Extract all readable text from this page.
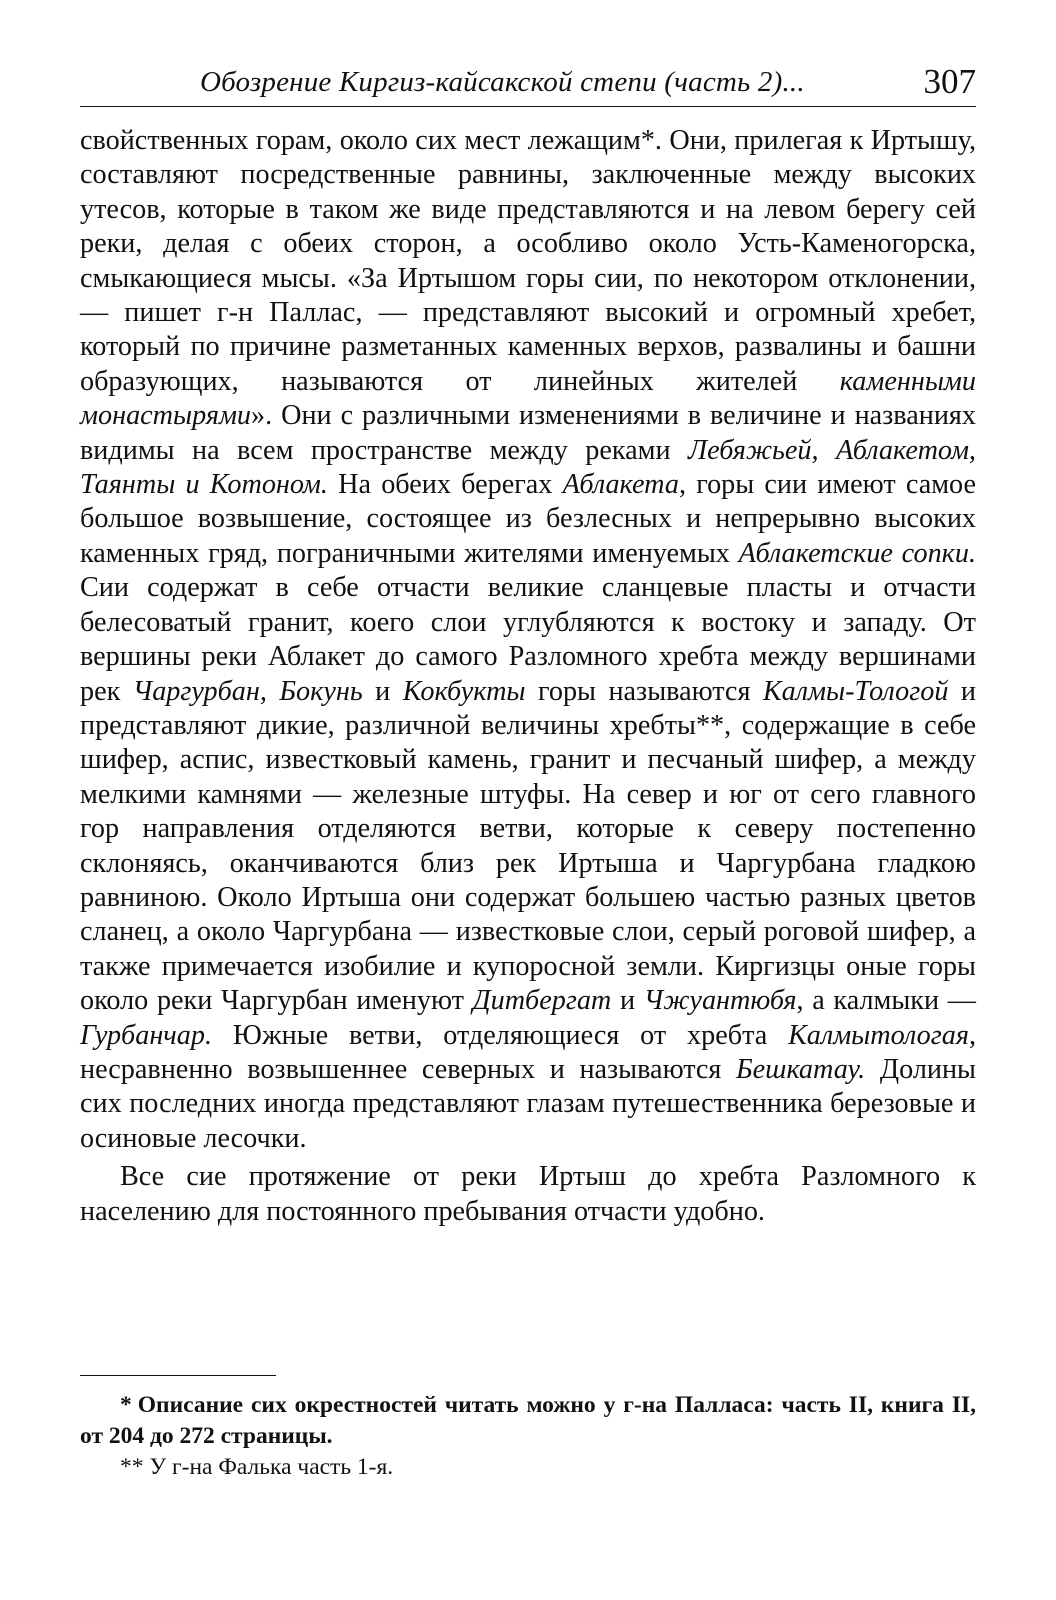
Обозрение Киргиз-кайсакской степи (часть 2)...	307

свойственных горам, около сих мест лежащим*. Они, прилегая к Иртышу, составляют посредственные равнины, заключенные между высоких утесов, которые в таком же виде представляются и на левом берегу сей реки, делая с обеих сторон, а особливо около Усть-Каменогорска, смыкающиеся мысы. «За Иртышом горы сии, по некотором отклонении, — пишет г-н Паллас, — представляют высокий и огромный хребет, который по причине разметанных каменных верхов, развалины и башни образующих, называются от линейных жителей каменными монастырями». Они с различными изменениями в величине и названиях видимы на всем пространстве между реками Лебяжьей, Аблакетом, Таянты и Котоном. На обеих берегах Аблакета, горы сии имеют самое большое возвышение, состоящее из безлесных и непрерывно высоких каменных гряд, пограничными жителями именуемых Аблакетские сопки. Сии содержат в себе отчасти великие сланцевые пласты и отчасти белесоватый гранит, коего слои углубляются к востоку и западу. От вершины реки Аблакет до самого Разломного хребта между вершинами рек Чаргурбан, Бокунь и Кокбукты горы называются Калмы-Тологой и представляют дикие, различной величины хребты**, содержащие в себе шифер, аспис, известковый камень, гранит и песчаный шифер, а между мелкими камнями — железные штуфы. На север и юг от сего главного гор направления отделяются ветви, которые к северу постепенно склоняясь, оканчиваются близ рек Иртыша и Чаргурбана гладкою равниною. Около Иртыша они содержат большею частью разных цветов сланец, а около Чаргурбана — известковые слои, серый роговой шифер, а также примечается изобилие и купоросной земли. Киргизцы оные горы около реки Чаргурбан именуют Дитбергат и Чжуантюбя, а калмыки — Гурбанчар. Южные ветви, отделяющиеся от хребта Калмытологая, несравненно возвышеннее северных и называются Бешкатау. Долины сих последних иногда представляют глазам путешественника березовые и осиновые лесочки.

Все сие протяжение от реки Иртыш до хребта Разломного к населению для постоянного пребывания отчасти удобно.

* Описание сих окрестностей читать можно у г-на Палласа: часть II, книга II, от 204 до 272 страницы.

** У г-на Фалька часть 1-я.
